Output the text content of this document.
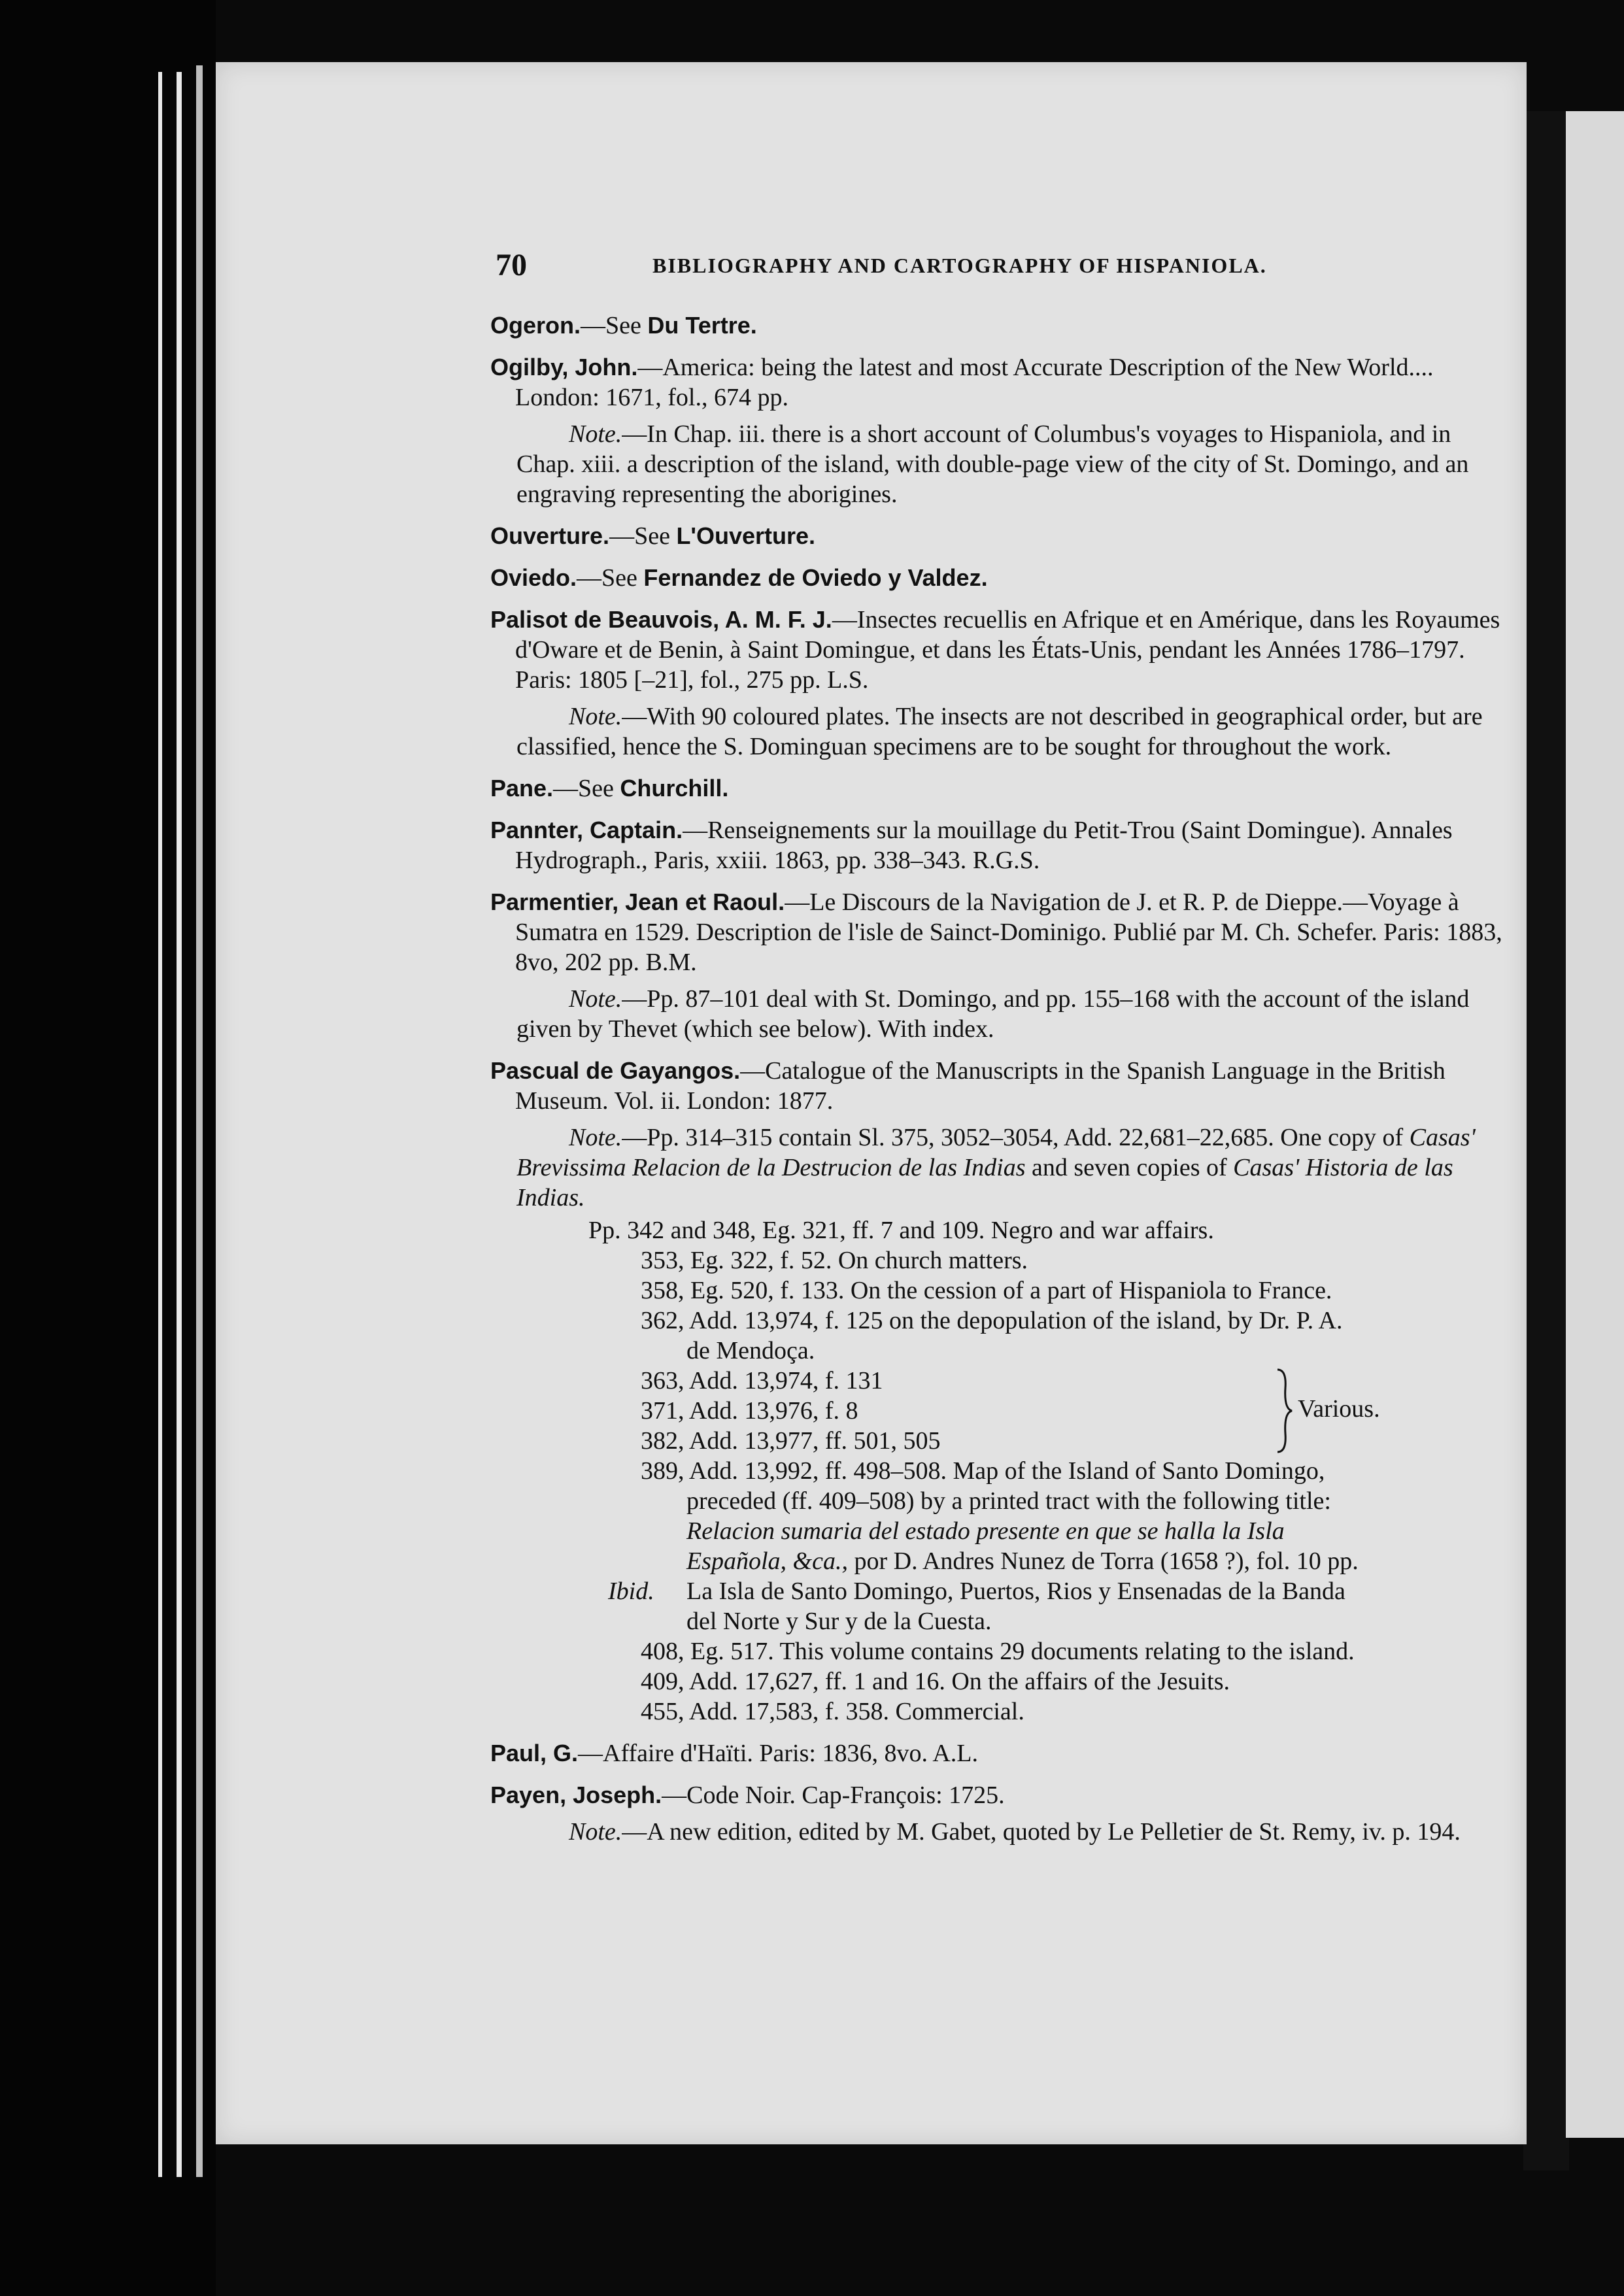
70	BIBLIOGRAPHY AND CARTOGRAPHY OF HISPANIOLA.
Ogeron.—See Du Tertre.
Ogilby, John.—America: being the latest and most Accurate Description of the New World.... London: 1671, fol., 674 pp.
Note.—In Chap. iii. there is a short account of Columbus's voyages to Hispaniola, and in Chap. xiii. a description of the island, with double-page view of the city of St. Domingo, and an engraving representing the aborigines.
Ouverture.—See L'Ouverture.
Oviedo.—See Fernandez de Oviedo y Valdez.
Palisot de Beauvois, A. M. F. J.—Insectes recuellis en Afrique et en Amérique, dans les Royaumes d'Oware et de Benin, à Saint Domingue, et dans les États-Unis, pendant les Années 1786–1797. Paris: 1805 [–21], fol., 275 pp. L.S.
Note.—With 90 coloured plates. The insects are not described in geographical order, but are classified, hence the S. Dominguan specimens are to be sought for throughout the work.
Pane.—See Churchill.
Pannter, Captain.—Renseignements sur la mouillage du Petit-Trou (Saint Domingue). Annales Hydrograph., Paris, xxiii. 1863, pp. 338–343. R.G.S.
Parmentier, Jean et Raoul.—Le Discours de la Navigation de J. et R. P. de Dieppe.—Voyage à Sumatra en 1529. Description de l'isle de Sainct-Dominigo. Publié par M. Ch. Schefer. Paris: 1883, 8vo, 202 pp. B.M.
Note.—Pp. 87–101 deal with St. Domingo, and pp. 155–168 with the account of the island given by Thevet (which see below). With index.
Pascual de Gayangos.—Catalogue of the Manuscripts in the Spanish Language in the British Museum. Vol. ii. London: 1877.
Note.—Pp. 314–315 contain Sl. 375, 3052–3054, Add. 22,681–22,685. One copy of Casas' Brevissima Relacion de la Destrucion de las Indias and seven copies of Casas' Historia de las Indias.
Pp. 342 and 348, Eg. 321, ff. 7 and 109. Negro and war affairs.
353, Eg. 322, f. 52. On church matters.
358, Eg. 520, f. 133. On the cession of a part of Hispaniola to France.
362, Add. 13,974, f. 125 on the depopulation of the island, by Dr. P. A.
de Mendoça.
363, Add. 13,974, f. 131
371, Add. 13,976, f. 8
382, Add. 13,977, ff. 501, 505
Various.
389, Add. 13,992, ff. 498–508. Map of the Island of Santo Domingo,
preceded (ff. 409–508) by a printed tract with the following title:
Relacion sumaria del estado presente en que se halla la Isla
Española, &ca., por D. Andres Nunez de Torra (1658 ?), fol. 10 pp.
Ibid. La Isla de Santo Domingo, Puertos, Rios y Ensenadas de la Banda
del Norte y Sur y de la Cuesta.
408, Eg. 517. This volume contains 29 documents relating to the island.
409, Add. 17,627, ff. 1 and 16. On the affairs of the Jesuits.
455, Add. 17,583, f. 358. Commercial.
Paul, G.—Affaire d'Haïti. Paris: 1836, 8vo. A.L.
Payen, Joseph.—Code Noir. Cap-François: 1725.
Note.—A new edition, edited by M. Gabet, quoted by Le Pelletier de St. Remy, iv. p. 194.
